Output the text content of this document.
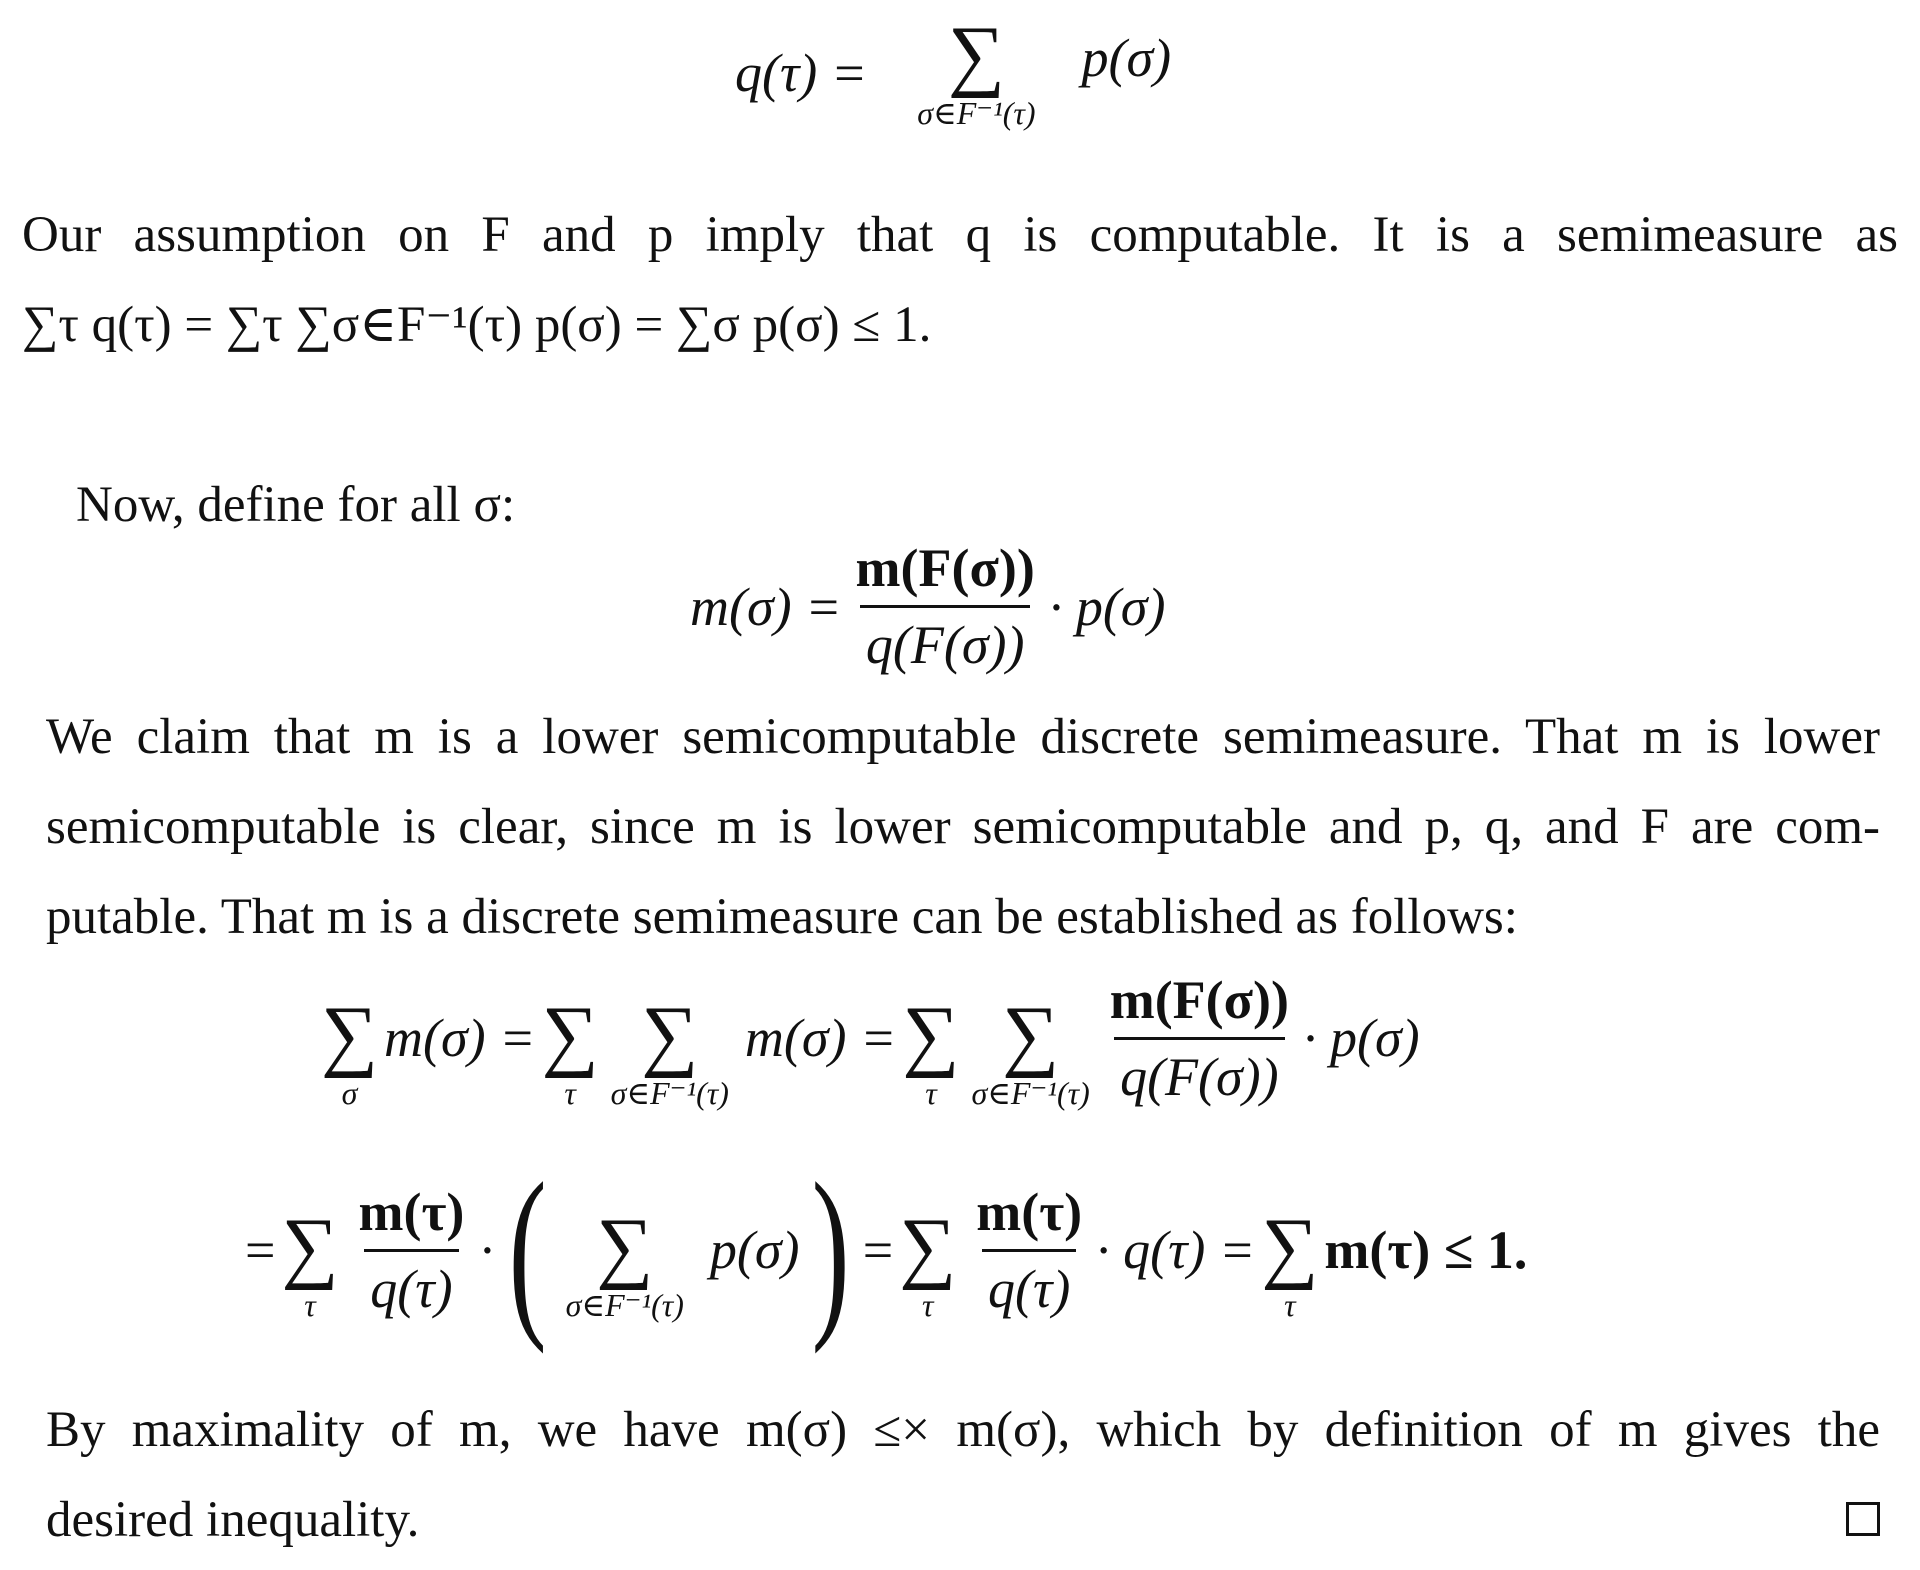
q(τ) = ∑
σ∈F⁻¹(τ)
p(σ)
Our assumption on F and p imply that q is computable. It is a semimeasure as
∑τ q(τ) = ∑τ ∑σ∈F⁻¹(τ) p(σ) = ∑σ p(σ) ≤ 1.
Now, define for all σ:
$m(\sigma) = \frac{m(F(\sigma))}{q(F(\sigma))} \cdot p(\sigma)$
We claim that m is a lower semicomputable discrete semimeasure. That m is lower
semicomputable is clear, since m is lower semicomputable and p, q, and F are com-
putable. That m is a discrete semimeasure can be established as follows:
∑
σ
m(σ) = ∑
τ
∑
σ∈F⁻¹(τ)
m(σ) = ∑
τ
∑
σ∈F⁻¹(τ) $\frac{m(F(\sigma))}{q(F(\sigma))} \cdot p(\sigma)$
= ∑
τ $\frac{m(\tau)}{q(\tau)}$ · ( ∑
σ∈F⁻¹(τ)
p(σ) ) = ∑
τ $\frac{m(\tau)}{q(\tau)} \cdot q(\tau)$ = ∑
τ
m(τ) ≤ 1.
By maximality of m, we have m(σ) ≤× m(σ), which by definition of m gives the
desired inequality.
